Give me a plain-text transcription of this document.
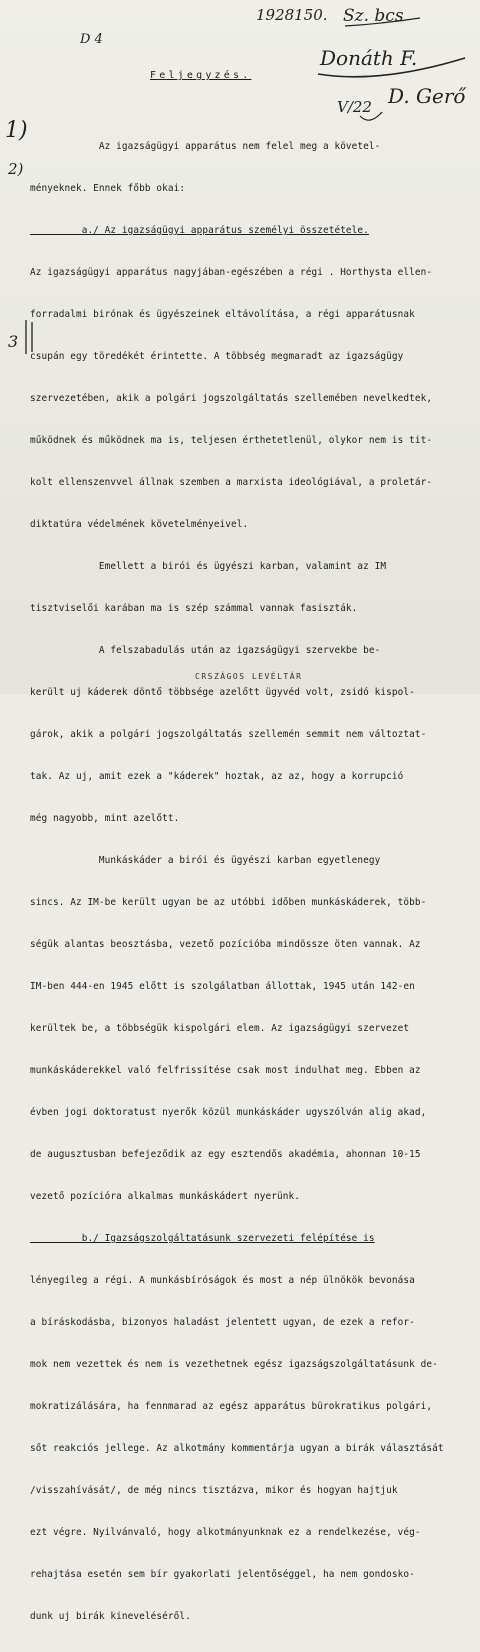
1928150. Sz. bcs
Donáth F.
V/22 D. Gerő
D 4
1)
2)
3
Feljegyzés.

Az igazságügyi apparátus nem felel meg a követel-

ményeknek. Ennek főbb okai:

a./ Az igazságügyi apparátus személyi összetétele.

Az igazságügyi apparátus nagyjában-egészében a régi . Horthysta ellen-

forradalmi birónak és ügyészeinek eltávolítása, a régi apparátusnak

csupán egy töredékét érintette. A többség megmaradt az igazságügy

szervezetében, akik a polgári jogszolgáltatás szellemében nevelkedtek,

működnek és működnek ma is, teljesen érthetetlenül, olykor nem is tit-

kolt ellenszenvvel állnak szemben a marxista ideológiával, a proletár-

diktatúra védelmének követelményeivel.

Emellett a birói és ügyészi karban, valamint az IM

tisztviselői karában ma is szép számmal vannak fasiszták.

A felszabadulás után az igazságügyi szervekbe be-

került uj káderek döntő többsége azelőtt ügyvéd volt, zsidó kispol-

gárok, akik a polgári jogszolgáltatás szellemén semmit nem változtat-

tak. Az uj, amit ezek a "káderek" hoztak, az az, hogy a korrupció

még nagyobb, mint azelőtt.

Munkáskáder a birói és ügyészi karban egyetlenegy

sincs. Az IM-be került ugyan be az utóbbi időben munkáskáderek, több-

ségük alantas beosztásba, vezető pozícióba mindössze öten vannak. Az

IM-ben 444-en 1945 előtt is szolgálatban állottak, 1945 után 142-en

kerültek be, a többségük kispolgári elem. Az igazságügyi szervezet

munkáskáderekkel való felfrissítése csak most indulhat meg. Ebben az

évben jogi doktoratust nyerők közül munkáskáder ugyszólván alig akad,

de augusztusban befejeződik az egy esztendős akadémia, ahonnan 10-15

vezető pozícióra alkalmas munkáskádert nyerünk.

b./ Igazságszolgáltatásunk szervezeti felépítése is

lényegileg a régi. A munkásbíróságok és most a nép ülnökök bevonása

a bíráskodásba, bizonyos haladást jelentett ugyan, de ezek a refor-

mok nem vezettek és nem is vezethetnek egész igazságszolgáltatásunk de-

mokratizálására, ha fennmarad az egész apparátus bürokratikus polgári,

sőt reakciós jellege. Az alkotmány kommentárja ugyan a birák választását

/visszahívását/, de még nincs tisztázva, mikor és hogyan hajtjuk

ezt végre. Nyilvánvaló, hogy alkotmányunknak ez a rendelkezése, vég-

rehajtása esetén sem bír gyakorlati jelentőséggel, ha nem gondosko-

dunk uj birák kineveléséről.

CRSZÁGOS LEVÉLTÁR
